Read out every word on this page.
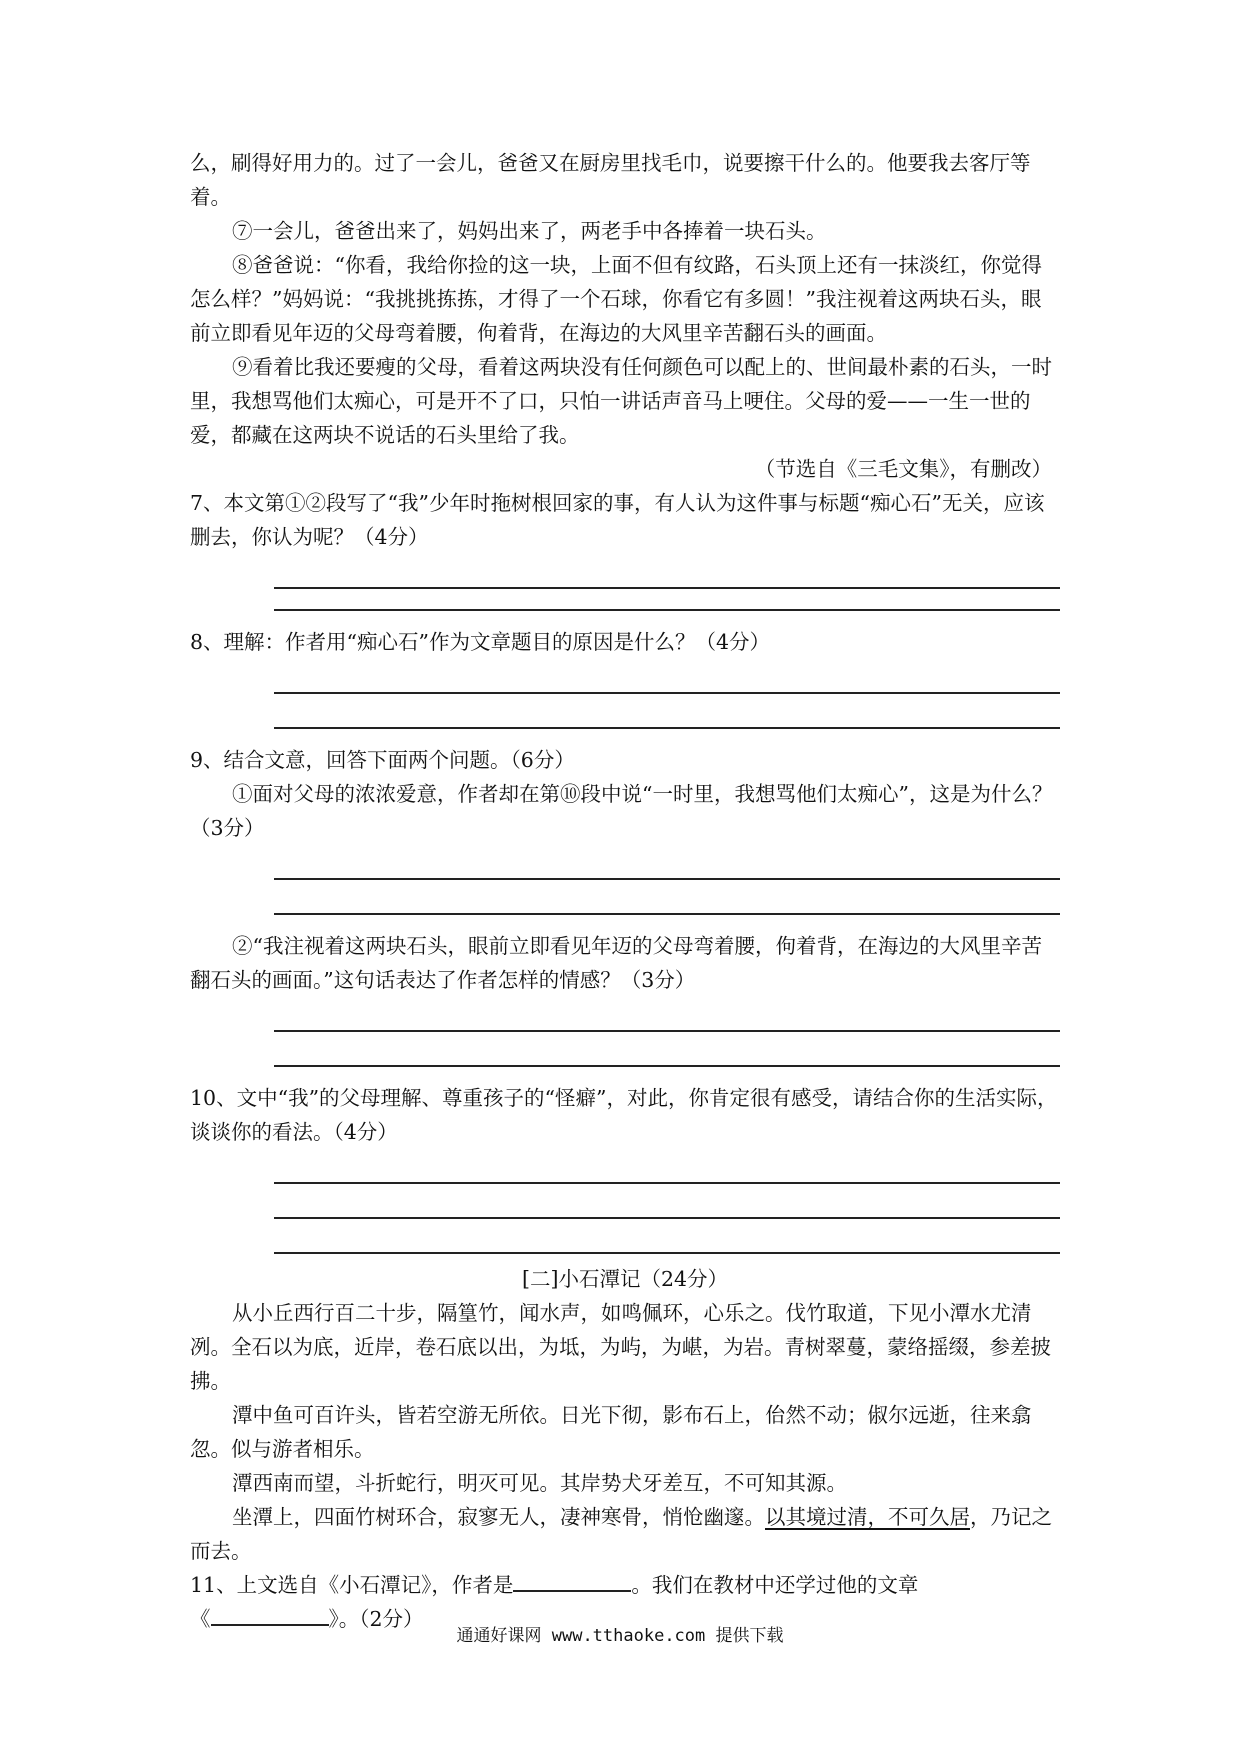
么，刷得好用力的。过了一会儿，爸爸又在厨房里找毛巾，说要擦干什么的。他要我去客厅等着。

⑦一会儿，爸爸出来了，妈妈出来了，两老手中各捧着一块石头。

⑧爸爸说：“你看，我给你捡的这一块，上面不但有纹路，石头顶上还有一抹淡红，你觉得怎么样？”妈妈说：“我挑挑拣拣，才得了一个石球，你看它有多圆！”我注视着这两块石头，眼前立即看见年迈的父母弯着腰，佝着背，在海边的大风里辛苦翻石头的画面。

⑨看着比我还要瘦的父母，看着这两块没有任何颜色可以配上的、世间最朴素的石头，一时里，我想骂他们太痴心，可是开不了口，只怕一讲话声音马上哽住。父母的爱——一生一世的爱，都藏在这两块不说话的石头里给了我。

（节选自《三毛文集》，有删改）

7、本文第①②段写了“我”少年时拖树根回家的事，有人认为这件事与标题“痴心石”无关，应该删去，你认为呢？（4分）

8、理解：作者用“痴心石”作为文章题目的原因是什么？（4分）

9、结合文意，回答下面两个问题。（6分）

①面对父母的浓浓爱意，作者却在第⑩段中说“一时里，我想骂他们太痴心”，这是为什么？（3分）

②“我注视着这两块石头，眼前立即看见年迈的父母弯着腰，佝着背，在海边的大风里辛苦翻石头的画面。”这句话表达了作者怎样的情感？（3分）

10、文中“我”的父母理解、尊重孩子的“怪癖”，对此，你肯定很有感受，请结合你的生活实际，谈谈你的看法。（4分）

[二]小石潭记（24分）

从小丘西行百二十步，隔篁竹，闻水声，如鸣佩环，心乐之。伐竹取道，下见小潭水尤清冽。全石以为底，近岸，卷石底以出，为坻，为屿，为嵁，为岩。青树翠蔓，蒙络摇缀，参差披拂。

潭中鱼可百许头，皆若空游无所依。日光下彻，影布石上，佁然不动；俶尔远逝，往来翕忽。似与游者相乐。

潭西南而望，斗折蛇行，明灭可见。其岸势犬牙差互，不可知其源。

坐潭上，四面竹树环合，寂寥无人，凄神寒骨，悄怆幽邃。以其境过清，不可久居，乃记之而去。

11、上文选自《小石潭记》，作者是	。我们在教材中还学过他的文章

《	》。（2分）

通通好课网 www.tthaoke.com 提供下载
